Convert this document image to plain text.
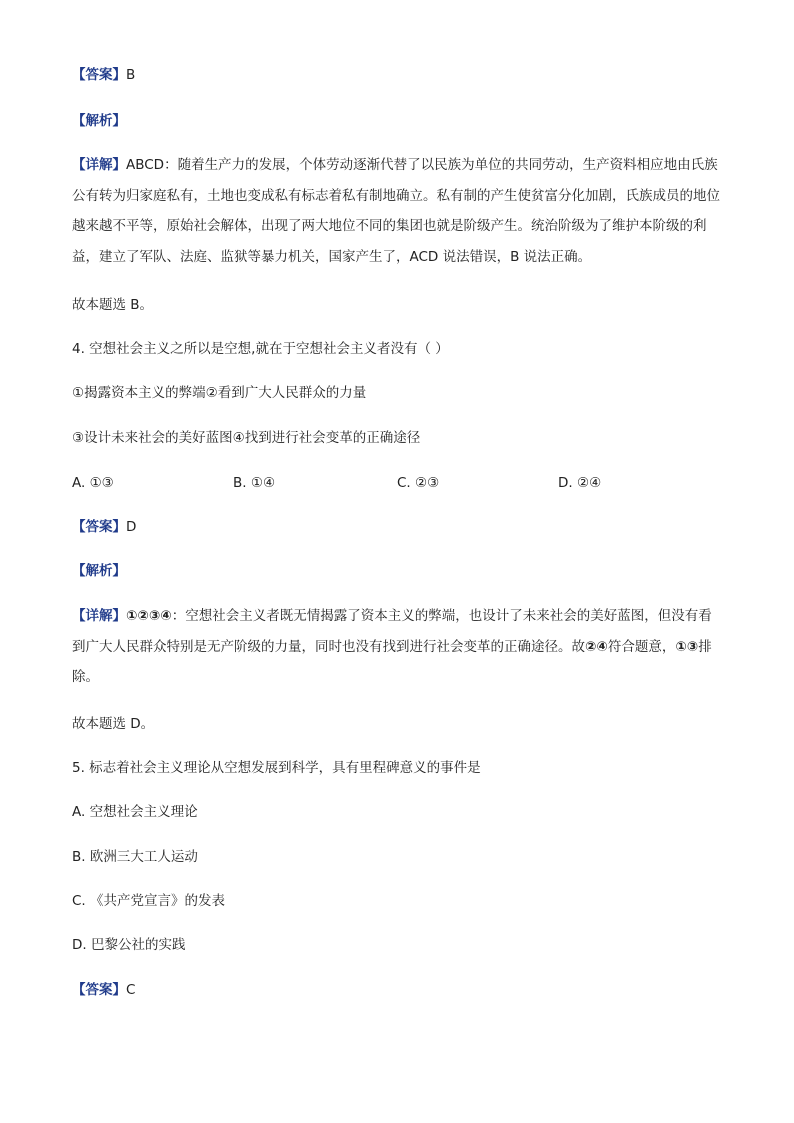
【答案】B
【解析】
【详解】ABCD：随着生产力的发展，个体劳动逐渐代替了以民族为单位的共同劳动，生产资料相应地由氏族公有转为归家庭私有，土地也变成私有标志着私有制地确立。私有制的产生使贫富分化加剧，氏族成员的地位越来越不平等，原始社会解体，出现了两大地位不同的集团也就是阶级产生。统治阶级为了维护本阶级的利益，建立了军队、法庭、监狱等暴力机关，国家产生了，ACD 说法错误，B 说法正确。
故本题选 B。
4. 空想社会主义之所以是空想,就在于空想社会主义者没有（ ）
①揭露资本主义的弊端②看到广大人民群众的力量
③设计未来社会的美好蓝图④找到进行社会变革的正确途径
A. ①③	B. ①④	C. ②③	D. ②④
【答案】D
【解析】
【详解】①②③④：空想社会主义者既无情揭露了资本主义的弊端，也设计了未来社会的美好蓝图，但没有看到广大人民群众特别是无产阶级的力量，同时也没有找到进行社会变革的正确途径。故②④符合题意，①③排除。
故本题选 D。
5. 标志着社会主义理论从空想发展到科学，具有里程碑意义的事件是
A. 空想社会主义理论
B. 欧洲三大工人运动
C. 《共产党宣言》的发表
D. 巴黎公社的实践
【答案】C
